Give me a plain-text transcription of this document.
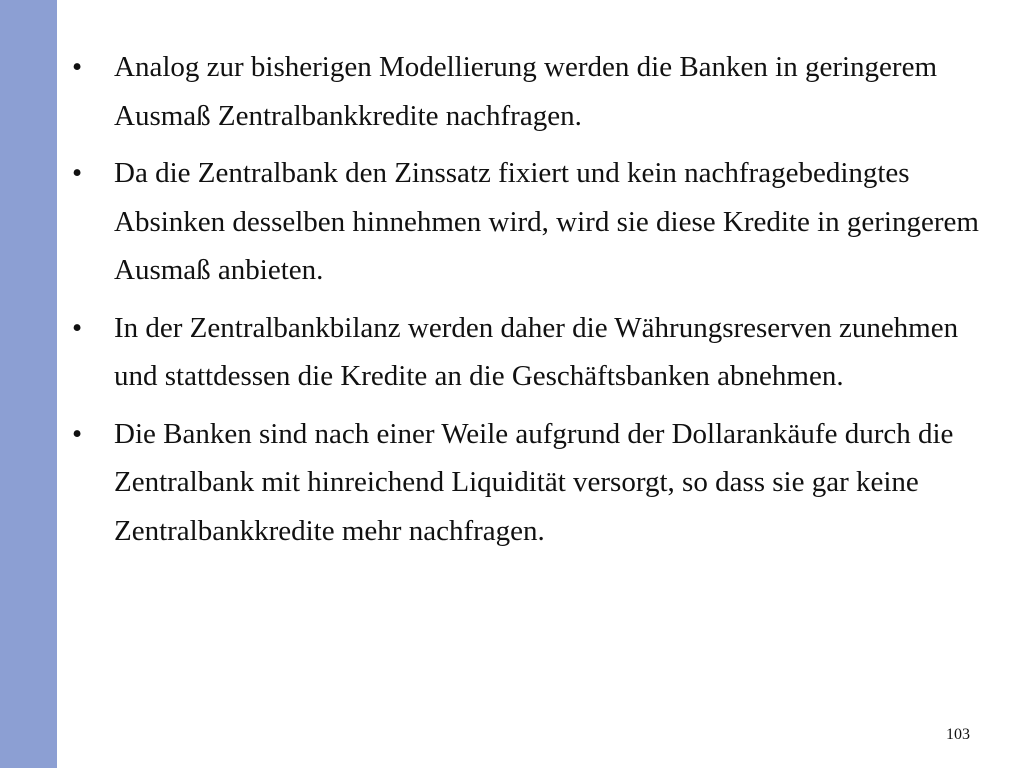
•	Analog zur bisherigen Modellierung werden die Banken in geringerem Ausmaß Zentralbankkredite nachfragen.
•	Da die Zentralbank den Zinssatz fixiert und kein nachfragebedingtes Absinken desselben hinnehmen wird, wird sie diese Kredite in geringerem Ausmaß anbieten.
•	In der Zentralbankbilanz werden daher die Währungsreserven zunehmen und stattdessen die Kredite an die Geschäftsbanken abnehmen.
•	Die Banken sind nach einer Weile aufgrund der Dollarankäufe durch die Zentralbank mit hinreichend Liquidität versorgt, so dass sie gar keine Zentralbankkredite mehr nachfragen.
103
